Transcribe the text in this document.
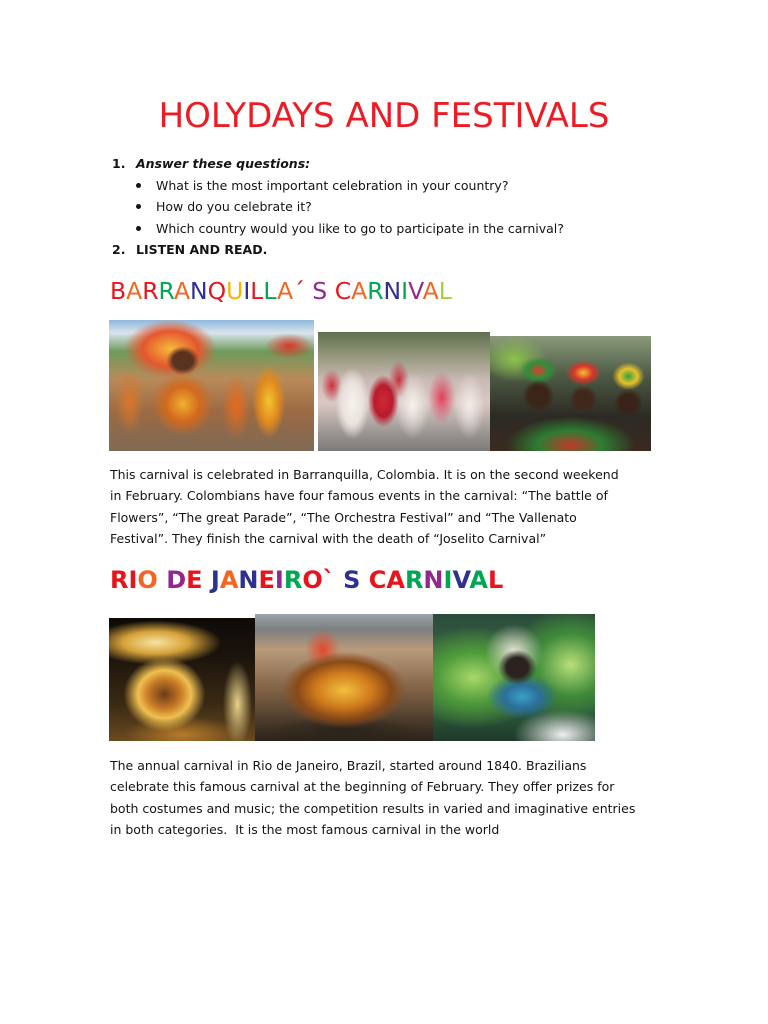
HOLYDAYS AND FESTIVALS
1. Answer these questions:
What is the most important celebration in your country?
How do you celebrate it?
Which country would you like to go to participate in the carnival?
2. LISTEN AND READ.
BARRANQUILLA´ S CARNIVAL
This carnival is celebrated in Barranquilla, Colombia. It is on the second weekend
in February. Colombians have four famous events in the carnival: “The battle of
Flowers”, “The great Parade”, “The Orchestra Festival” and “The Vallenato
Festival”. They finish the carnival with the death of “Joselito Carnival”
RIO DE JANEIRO` S CARNIVAL
The annual carnival in Rio de Janeiro, Brazil, started around 1840. Brazilians
celebrate this famous carnival at the beginning of February. They offer prizes for
both costumes and music; the competition results in varied and imaginative entries
in both categories.  It is the most famous carnival in the world
